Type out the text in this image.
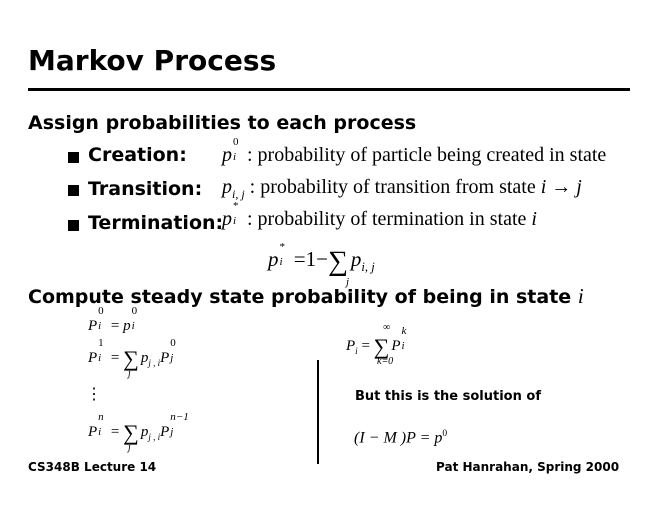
Markov Process
Assign probabilities to each process
Creation: p
0
i : probability of particle being created in state
Transition: $p_{i, j}$ : probability of transition from state i → j
Termination:
p
*
i : probability of termination in state i
p *
i =1−∑ $p_{i, j}$
j
Compute steady state probability of being in state i
P
0
i = p
0
i
P
1
i = ∑ $p_{j , i}P$
0
j
j
⋮
P
n
i = ∑ $p_{j , i}P$
n−1
j
j
$P_i$ = ∑ P
k
i
∞
k=0
But this is the solution of
(I − M )$P = p^0$
CS348B Lecture 14	Pat Hanrahan, Spring 2000
